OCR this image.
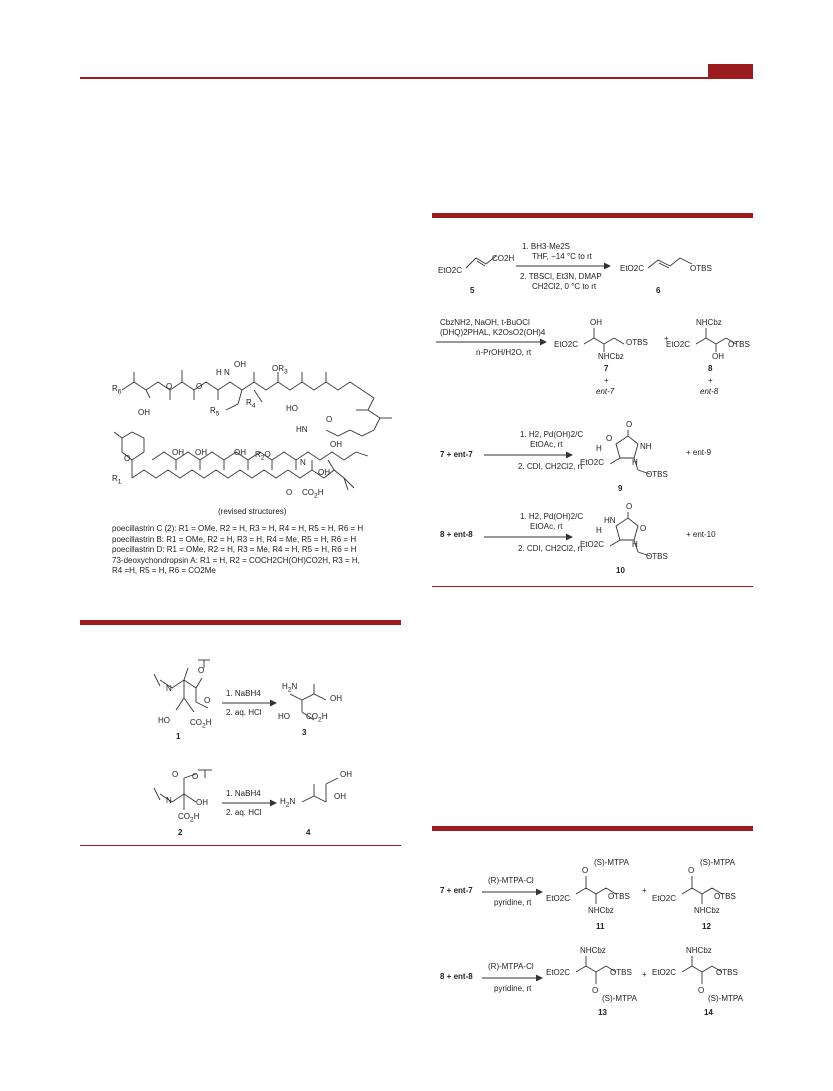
$R_6$
OH
O	O
H N
OH	$OR_3$
$R_4$
$R_5$
HO
HN
O
OH
O
OH OH	OH $R_2O$
$R_1$
N
OH
O $CO_2H$
(revised structures)
poecillastrin C (2): R1 = OMe, R2 = H, R3 = H, R4 = H, R5 = H, R6 = H
poecillastrin B: R1 = OMe, R2 = H, R3 = H, R4 = Me, R5 = H, R6 = H
poecillastrin D: R1 = OMe, R2 = H, R3 = Me, R4 = H, R5 = H, R6 = H
73-deoxychondropsin A: R1 = H, R2 = COCH2CH(OH)CO2H, R3 = H,
R4 =H, R5 = H, R6 = CO2Me
N
O
O
HO	$CO_2H$
1
1. NaBH4
2. aq. HCl
$H_2N$
OH
HO $CO_2H$
3
N
O O
OH
$CO_2H$
2
1. NaBH4
2. aq. HCl
$H_2N$
OH
OH
4
EtO2C
CO2H
5
1. BH3·Me2S
THF, −14 °C to rt
2. TBSCl, Et3N, DMAP
CH2Cl2, 0 °C to rt
EtO2C	OTBS
6
CbzNH2, NaOH, t-BuOCl
(DHQ)2PHAL, K2OsO2(OH)4
n-PrOH/H2O, rt
OH
EtO2C	OTBS
NHCbz
7
+
ent-7
+
NHCbz
EtO2C	OTBS
OH
8
+
ent-8
7 + ent-7
1. H2, Pd(OH)2/C
EtOAc, rt
2. CDI, CH2Cl2, rt
O
O
NH
H
EtO2C	H
OTBS
9
+ ent-9
8 + ent-8
1. H2, Pd(OH)2/C
EtOAc, rt
2. CDI, CH2Cl2, rt
O
HN
O
H
EtO2C	H
OTBS
10
+ ent-10
7 + ent-7
(R)-MTPA-Cl
pyridine, rt
O
(S)-MTPA
EtO2C	OTBS
NHCbz
11
+
O
(S)-MTPA
EtO2C	OTBS
NHCbz
12
8 + ent-8
(R)-MTPA-Cl
pyridine, rt
NHCbz
EtO2C	OTBS
O
(S)-MTPA
13
+
NHCbz
EtO2C	OTBS
O
(S)-MTPA
14
